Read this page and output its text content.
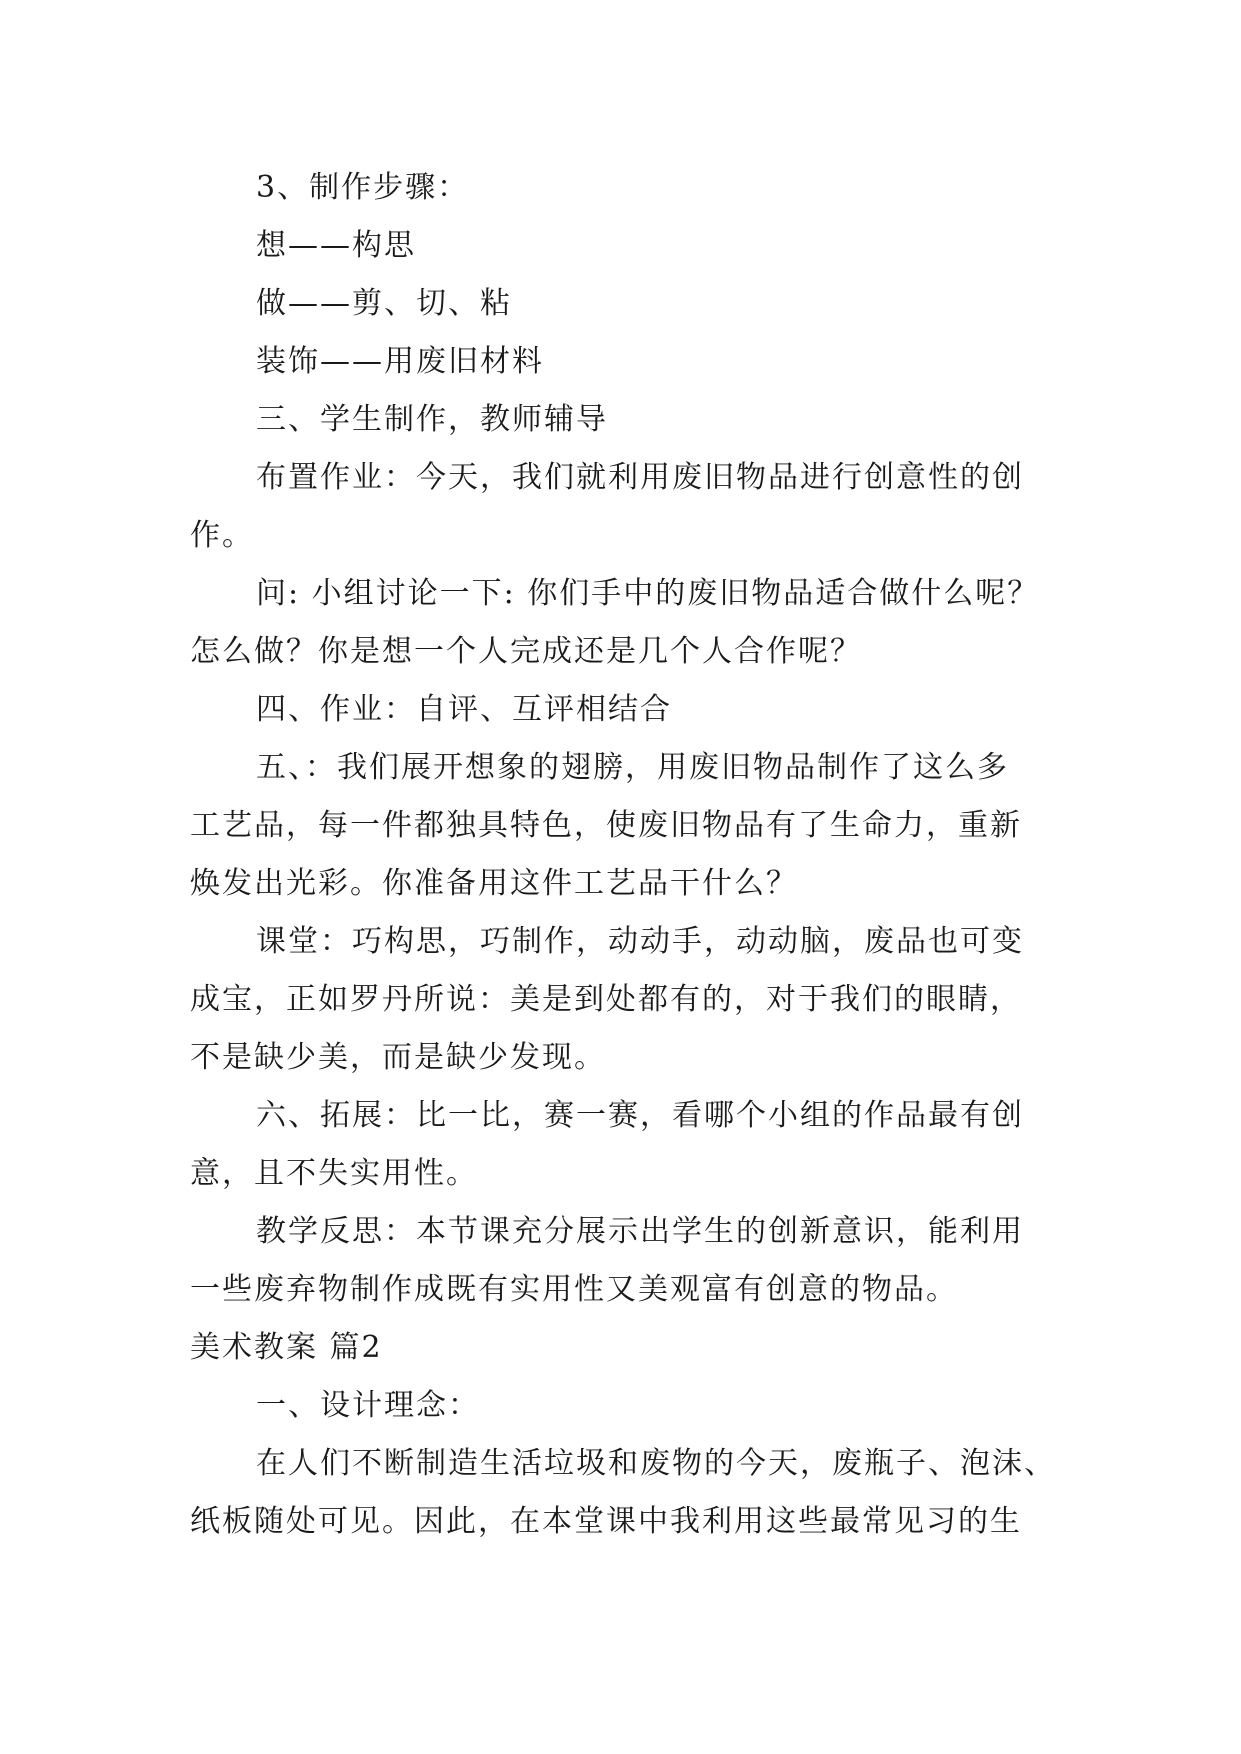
3、制作步骤：
想——构思
做——剪、切、粘
装饰——用废旧材料
三、学生制作，教师辅导
布置作业：今天，我们就利用废旧物品进行创意性的创
作。
问: 小组讨论一下: 你们手中的废旧物品适合做什么呢？
怎么做？你是想一个人完成还是几个人合作呢？
四、作业：自评、互评相结合
五、：我们展开想象的翅膀，用废旧物品制作了这么多
工艺品，每一件都独具特色，使废旧物品有了生命力，重新
焕发出光彩。你准备用这件工艺品干什么？
课堂：巧构思，巧制作，动动手，动动脑，废品也可变
成宝，正如罗丹所说：美是到处都有的，对于我们的眼睛，
不是缺少美，而是缺少发现。
六、拓展：比一比，赛一赛，看哪个小组的作品最有创
意，且不失实用性。
教学反思：本节课充分展示出学生的创新意识，能利用
一些废弃物制作成既有实用性又美观富有创意的物品。
美术教案 篇2
一、设计理念：
在人们不断制造生活垃圾和废物的今天，废瓶子、泡沫、
纸板随处可见。因此，在本堂课中我利用这些最常见习的生
